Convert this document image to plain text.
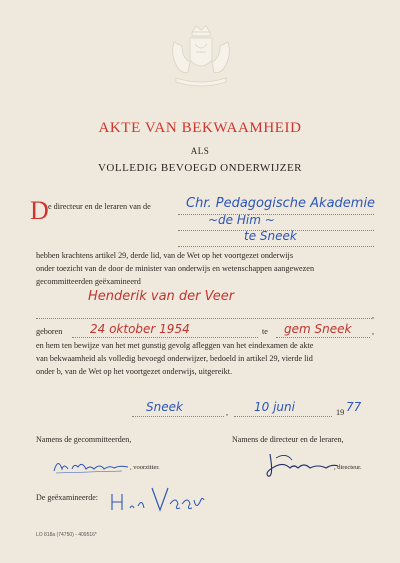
AKTE VAN BEKWAAMHEID
ALS
VOLLEDIG BEVOEGD ONDERWIJZER
D e directeur en de leraren van de	Chr. Pedagogische Akademie
~de Him ~
te Sneek
hebben krachtens artikel 29, derde lid, van de Wet op het voortgezet onderwijs
onder toezicht van de door de minister van onderwijs en wetenschappen aangewezen
gecommitteerden geëxamineerd
Henderik van der Veer
,
geboren 24 oktober 1954	te gem Sneek	,
en hem ten bewijze van het met gunstig gevolg afleggen van het eindexamen de akte
van bekwaamheid als volledig bevoegd onderwijzer, bedoeld in artikel 29, vierde lid
onder b, van de Wet op het voortgezet onderwijs, uitgereikt.
Sneek	, 10 juni	19 77
Namens de gecommitteerden,	Namens de directeur en de leraren,
, voorzitter.	, directeur.
De geëxamineerde:
LO 818a (74750) - 409516*
